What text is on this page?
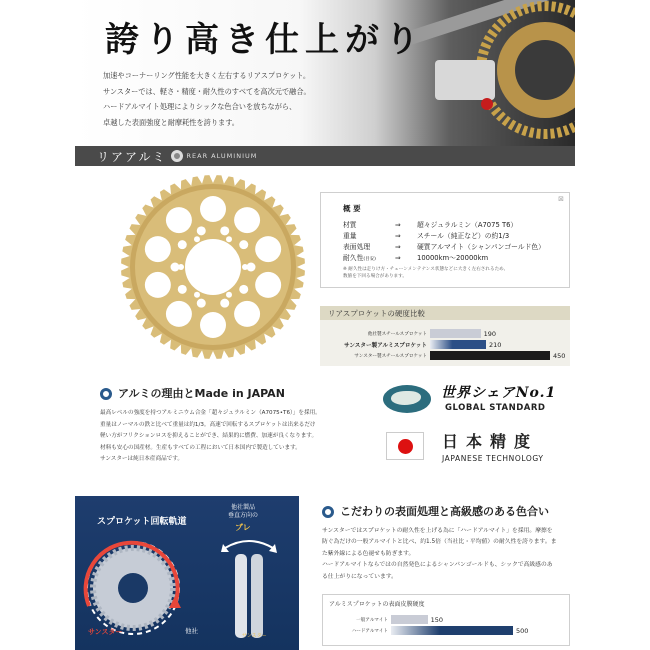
誇り高き仕上がり
加速やコーナーリング性能を大きく左右するリアスプロケット。
サンスターでは、軽さ・精度・耐久性のすべてを高次元で融合。
ハードアルマイト処理によりシックな色合いを放ちながら、
卓越した表面強度と耐摩耗性を誇ります。
リアアルミ	REAR ALUMINIUM
⊠
概 要
材質	⇒	超々ジュラルミン（A7075 T6）
重量	⇒	スチール（純正など）の約1/3
表面処理	⇒	硬質アルマイト（シャンパンゴールド色）
耐久性(目安)	⇒	10000km～20000km
※ 耐久性は走りけ方・チェーンメンテナンス状態などに大きく左右されるため、
数値を下回る場合があります。
リアスプロケットの硬度比較
他社製スチールスプロケット	190
サンスター製アルミスプロケット	210
サンスター製スチールスプロケット	450
アルミの理由とMade in JAPAN
最高レベルの強度を持つアルミニウム合金「超々ジュラルミン（A7075•T6）」を採用。
重量はノーマルの鉄と比べて重量は約1/3。高速で回転するスプロケットは出来るだけ
軽い方がフリクションロスを抑えることができ、結果的に燃費、加速が良くなります。
材料も安心の国産材。生産もすべての工程において日本国内で製造しています。
サンスターは純日本産商品です。
世界シェアNo.1
GLOBAL STANDARD
日本精度
JAPANESE TECHNOLOGY
スプロケット回転軌道
他社製品
垂直方向の
ブレ
サンスター	他社
サンスター
こだわりの表面処理と高級感のある色合い
サンスターではスプロケットの耐久性を上げる為に「ハードアルマイト」を採用。摩擦を
防ぐ為だけの一般アルマイトと比べ、約1.5倍（当社比・平均値）の耐久性を誇ります。ま
た紫外線による色褪せも防ぎます。
ハードアルマイトならではの自然発色によるシャンパンゴールドも、シックで高級感のあ
る仕上がりになっています。
アルミスプロケットの表面皮膜硬度
一般アルマイト	150
ハードアルマイト	500
